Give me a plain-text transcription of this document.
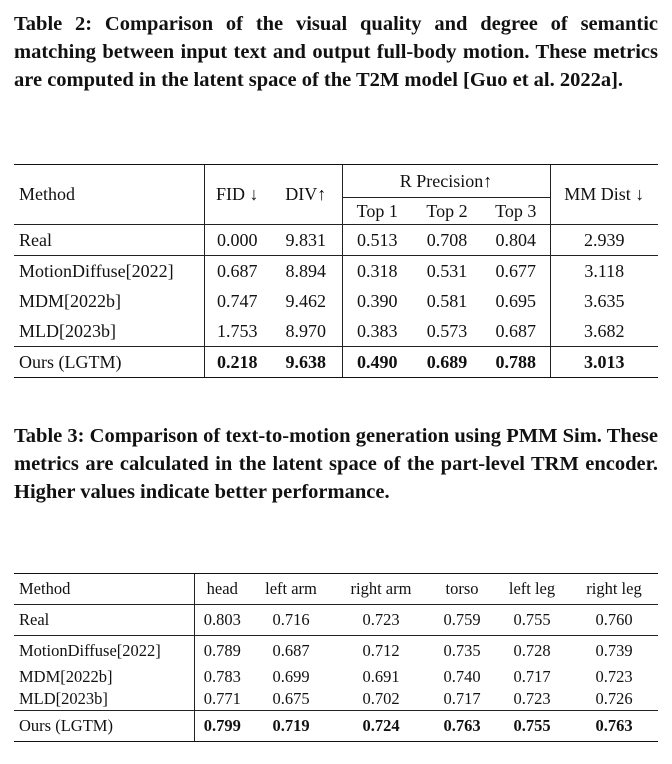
Table 2: Comparison of the visual quality and degree of semantic matching between input text and output full-body motion. These metrics are computed in the latent space of the T2M model [Guo et al. 2022a].
Method	FID ↓	DIV↑	R Precision↑			MM Dist ↓
			Top 1	Top 2	Top 3	
Real	0.000	9.831	0.513	0.708	0.804	2.939
MotionDiffuse[2022]	0.687	8.894	0.318	0.531	0.677	3.118
MDM[2022b]	0.747	9.462	0.390	0.581	0.695	3.635
MLD[2023b]	1.753	8.970	0.383	0.573	0.687	3.682
Ours (LGTM)	0.218	9.638	0.490	0.689	0.788	3.013
Table 3: Comparison of text-to-motion generation using PMM Sim. These metrics are calculated in the latent space of the part-level TRM encoder. Higher values indicate better performance.
Method	head	left arm	right arm	torso	left leg	right leg
Real	0.803	0.716	0.723	0.759	0.755	0.760
MotionDiffuse[2022]	0.789	0.687	0.712	0.735	0.728	0.739
MDM[2022b]	0.783	0.699	0.691	0.740	0.717	0.723
MLD[2023b]	0.771	0.675	0.702	0.717	0.723	0.726
Ours (LGTM)	0.799	0.719	0.724	0.763	0.755	0.763
